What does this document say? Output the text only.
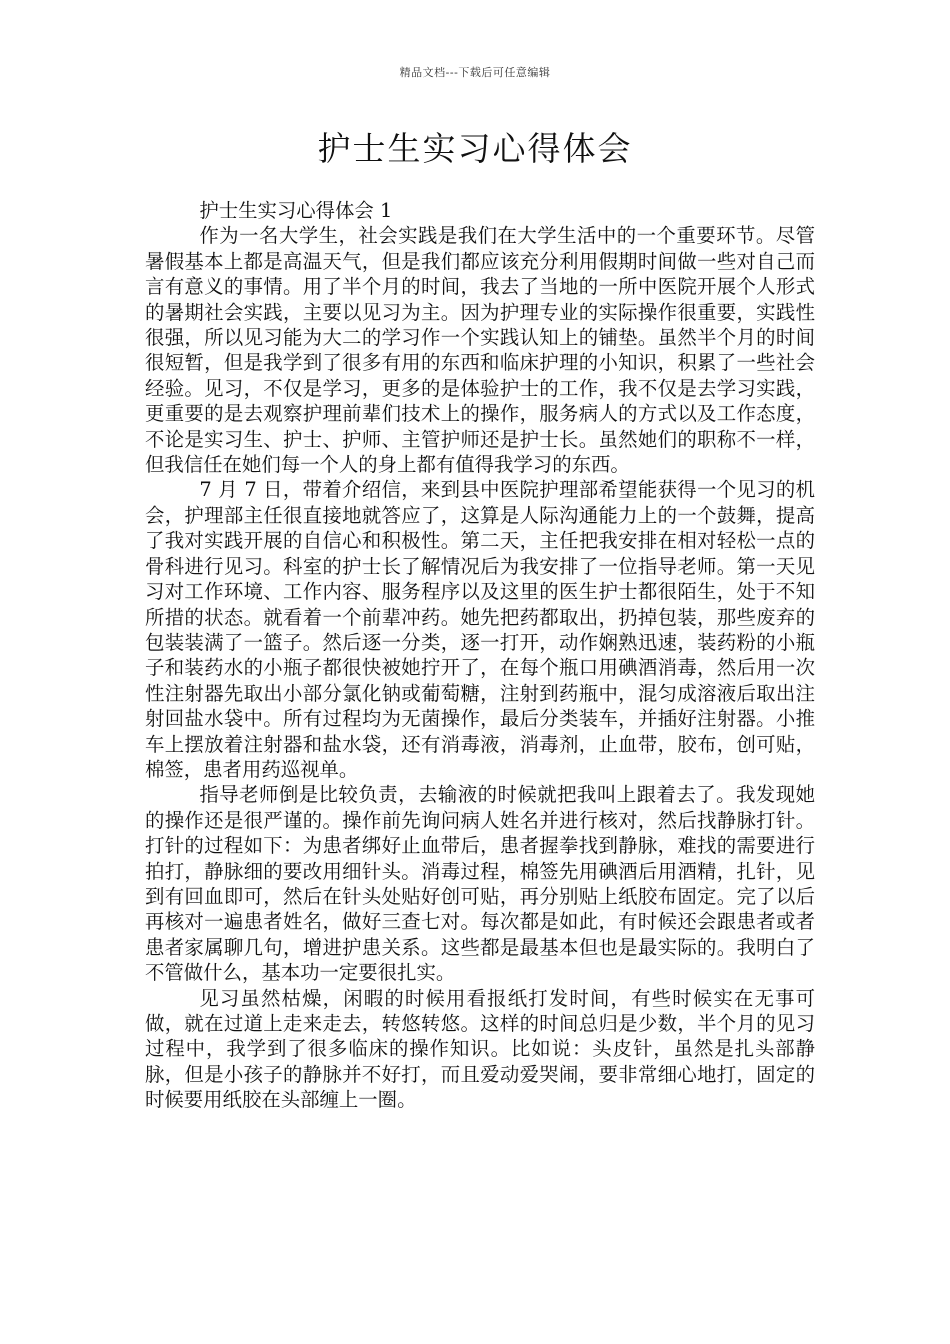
精品文档---下载后可任意编辑
护士生实习心得体会

护士生实习心得体会 1

作为一名大学生，社会实践是我们在大学生活中的一个重要环节。尽管暑假基本上都是高温天气，但是我们都应该充分利用假期时间做一些对自己而言有意义的事情。用了半个月的时间，我去了当地的一所中医院开展个人形式的暑期社会实践，主要以见习为主。因为护理专业的实际操作很重要，实践性很强，所以见习能为大二的学习作一个实践认知上的铺垫。虽然半个月的时间很短暂，但是我学到了很多有用的东西和临床护理的小知识，积累了一些社会经验。见习，不仅是学习，更多的是体验护士的工作，我不仅是去学习实践，更重要的是去观察护理前辈们技术上的操作，服务病人的方式以及工作态度，不论是实习生、护士、护师、主管护师还是护士长。虽然她们的职称不一样，但我信任在她们每一个人的身上都有值得我学习的东西。

7 月 7 日，带着介绍信，来到县中医院护理部希望能获得一个见习的机会，护理部主任很直接地就答应了，这算是人际沟通能力上的一个鼓舞，提高了我对实践开展的自信心和积极性。第二天，主任把我安排在相对轻松一点的骨科进行见习。科室的护士长了解情况后为我安排了一位指导老师。第一天见习对工作环境、工作内容、服务程序以及这里的医生护士都很陌生，处于不知所措的状态。就看着一个前辈冲药。她先把药都取出，扔掉包装，那些废弃的包装装满了一篮子。然后逐一分类，逐一打开，动作娴熟迅速，装药粉的小瓶子和装药水的小瓶子都很快被她拧开了，在每个瓶口用碘酒消毒，然后用一次性注射器先取出小部分氯化钠或葡萄糖，注射到药瓶中，混匀成溶液后取出注射回盐水袋中。所有过程均为无菌操作，最后分类装车，并插好注射器。小推车上摆放着注射器和盐水袋，还有消毒液，消毒剂，止血带，胶布，创可贴，棉签，患者用药巡视单。

指导老师倒是比较负责，去输液的时候就把我叫上跟着去了。我发现她的操作还是很严谨的。操作前先询问病人姓名并进行核对，然后找静脉打针。打针的过程如下：为患者绑好止血带后，患者握拳找到静脉，难找的需要进行拍打，静脉细的要改用细针头。消毒过程，棉签先用碘酒后用酒精，扎针，见到有回血即可，然后在针头处贴好创可贴，再分别贴上纸胶布固定。完了以后再核对一遍患者姓名，做好三查七对。每次都是如此，有时候还会跟患者或者患者家属聊几句，增进护患关系。这些都是最基本但也是最实际的。我明白了不管做什么，基本功一定要很扎实。

见习虽然枯燥，闲暇的时候用看报纸打发时间，有些时候实在无事可做，就在过道上走来走去，转悠转悠。这样的时间总归是少数，半个月的见习过程中，我学到了很多临床的操作知识。比如说：头皮针，虽然是扎头部静脉，但是小孩子的静脉并不好打，而且爱动爱哭闹，要非常细心地打，固定的时候要用纸胶在头部缠上一圈。
